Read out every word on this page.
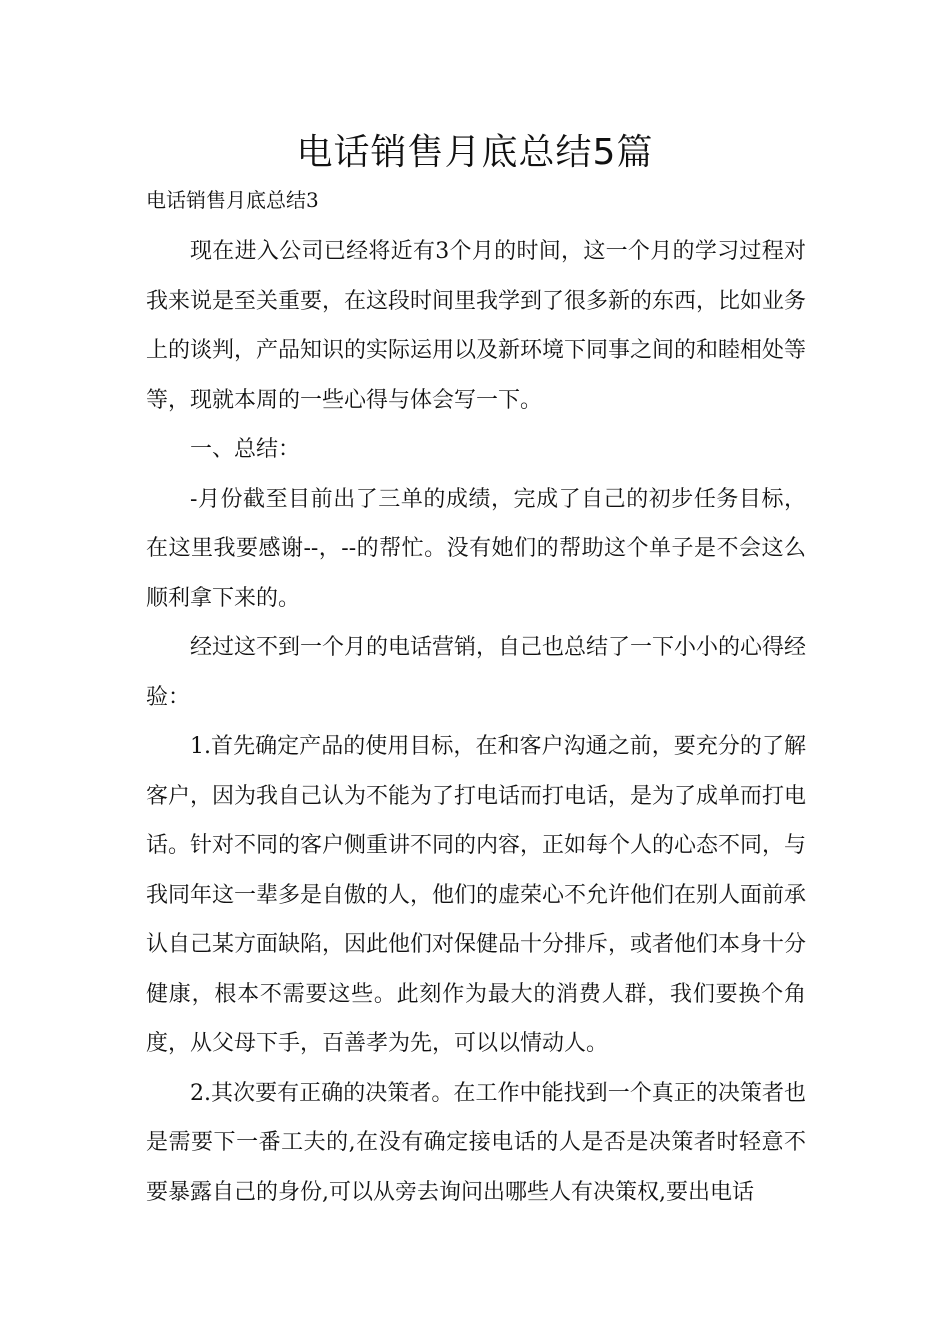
电话销售月底总结5篇
电话销售月底总结3

现在进入公司已经将近有3个月的时间，这一个月的学习过程对我来说是至关重要，在这段时间里我学到了很多新的东西，比如业务上的谈判，产品知识的实际运用以及新环境下同事之间的和睦相处等等，现就本周的一些心得与体会写一下。

一、总结：

-月份截至目前出了三单的成绩，完成了自己的初步任务目标，在这里我要感谢--，--的帮忙。没有她们的帮助这个单子是不会这么顺利拿下来的。

经过这不到一个月的电话营销，自己也总结了一下小小的心得经验：

1.首先确定产品的使用目标，在和客户沟通之前，要充分的了解客户，因为我自己认为不能为了打电话而打电话，是为了成单而打电话。针对不同的客户侧重讲不同的内容，正如每个人的心态不同，与我同年这一辈多是自傲的人，他们的虚荣心不允许他们在别人面前承认自己某方面缺陷，因此他们对保健品十分排斥，或者他们本身十分健康，根本不需要这些。此刻作为最大的消费人群，我们要换个角度，从父母下手，百善孝为先，可以以情动人。

2.其次要有正确的决策者。在工作中能找到一个真正的决策者也是需要下一番工夫的,在没有确定接电话的人是否是决策者时轻意不要暴露自己的身份,可以从旁去询问出哪些人有决策权,要出电话
